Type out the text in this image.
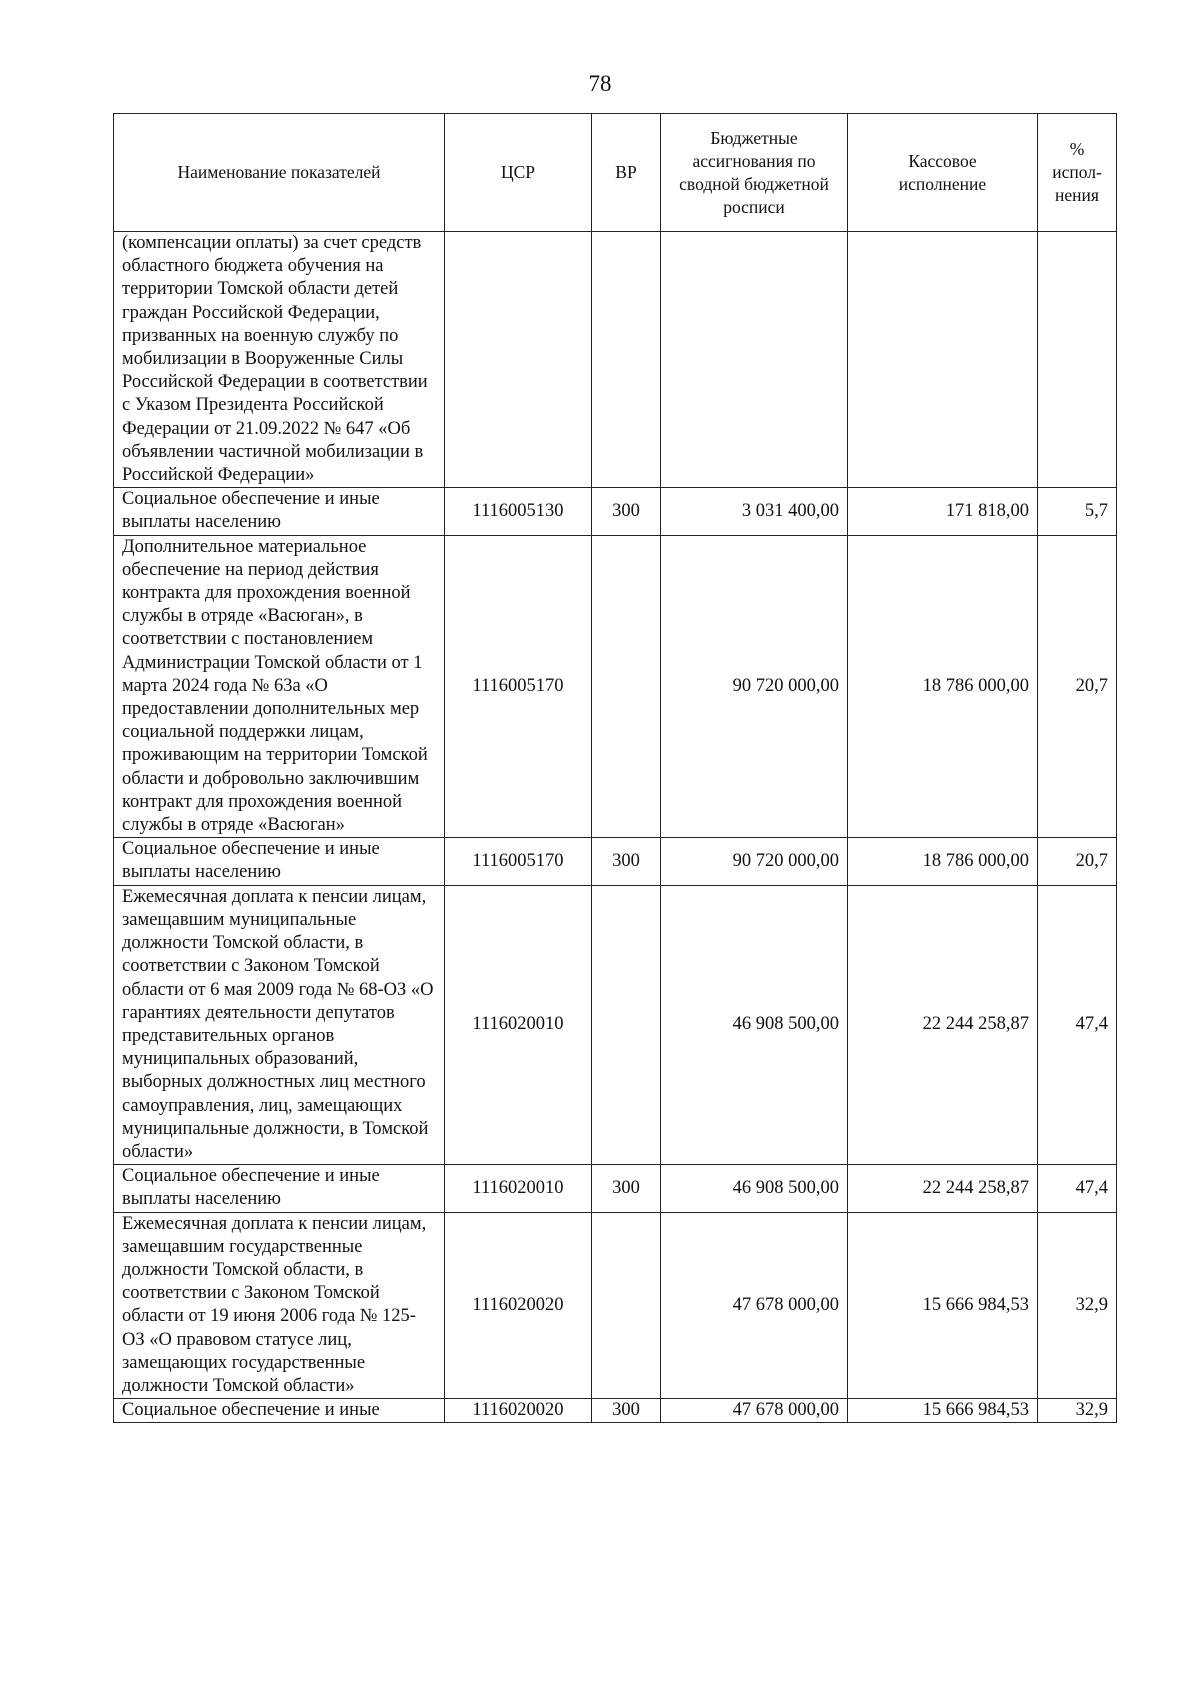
78
Наименование показателей	ЦСР	ВР	Бюджетные ассигнования по сводной бюджетной росписи	Кассовое исполнение	% испол-нения
(компенсации оплаты) за счет средств областного бюджета обучения на территории Томской области детей граждан Российской Федерации, призванных на военную службу по мобилизации в Вооруженные Силы Российской Федерации в соответствии с Указом Президента Российской Федерации от 21.09.2022 № 647 «Об объявлении частичной мобилизации в Российской Федерации»					
Социальное обеспечение и иные выплаты населению	1116005130	300	3 031 400,00	171 818,00	5,7
Дополнительное материальное обеспечение на период действия контракта для прохождения военной службы в отряде «Васюган», в соответствии с постановлением Администрации Томской области от 1 марта 2024 года № 63а «О предоставлении дополнительных мер социальной поддержки лицам, проживающим на территории Томской области и добровольно заключившим контракт для прохождения военной службы в отряде «Васюган»	1116005170		90 720 000,00	18 786 000,00	20,7
Социальное обеспечение и иные выплаты населению	1116005170	300	90 720 000,00	18 786 000,00	20,7
Ежемесячная доплата к пенсии лицам, замещавшим муниципальные должности Томской области, в соответствии с Законом Томской области от 6 мая 2009 года № 68-ОЗ «О гарантиях деятельности депутатов представительных органов муниципальных образований, выборных должностных лиц местного самоуправления, лиц, замещающих муниципальные должности, в Томской области»	1116020010		46 908 500,00	22 244 258,87	47,4
Социальное обеспечение и иные выплаты населению	1116020010	300	46 908 500,00	22 244 258,87	47,4
Ежемесячная доплата к пенсии лицам, замещавшим государственные должности Томской области, в соответствии с Законом Томской области от 19 июня 2006 года № 125-ОЗ «О правовом статусе лиц, замещающих государственные должности Томской области»	1116020020		47 678 000,00	15 666 984,53	32,9
Социальное обеспечение и иные	1116020020	300	47 678 000,00	15 666 984,53	32,9
